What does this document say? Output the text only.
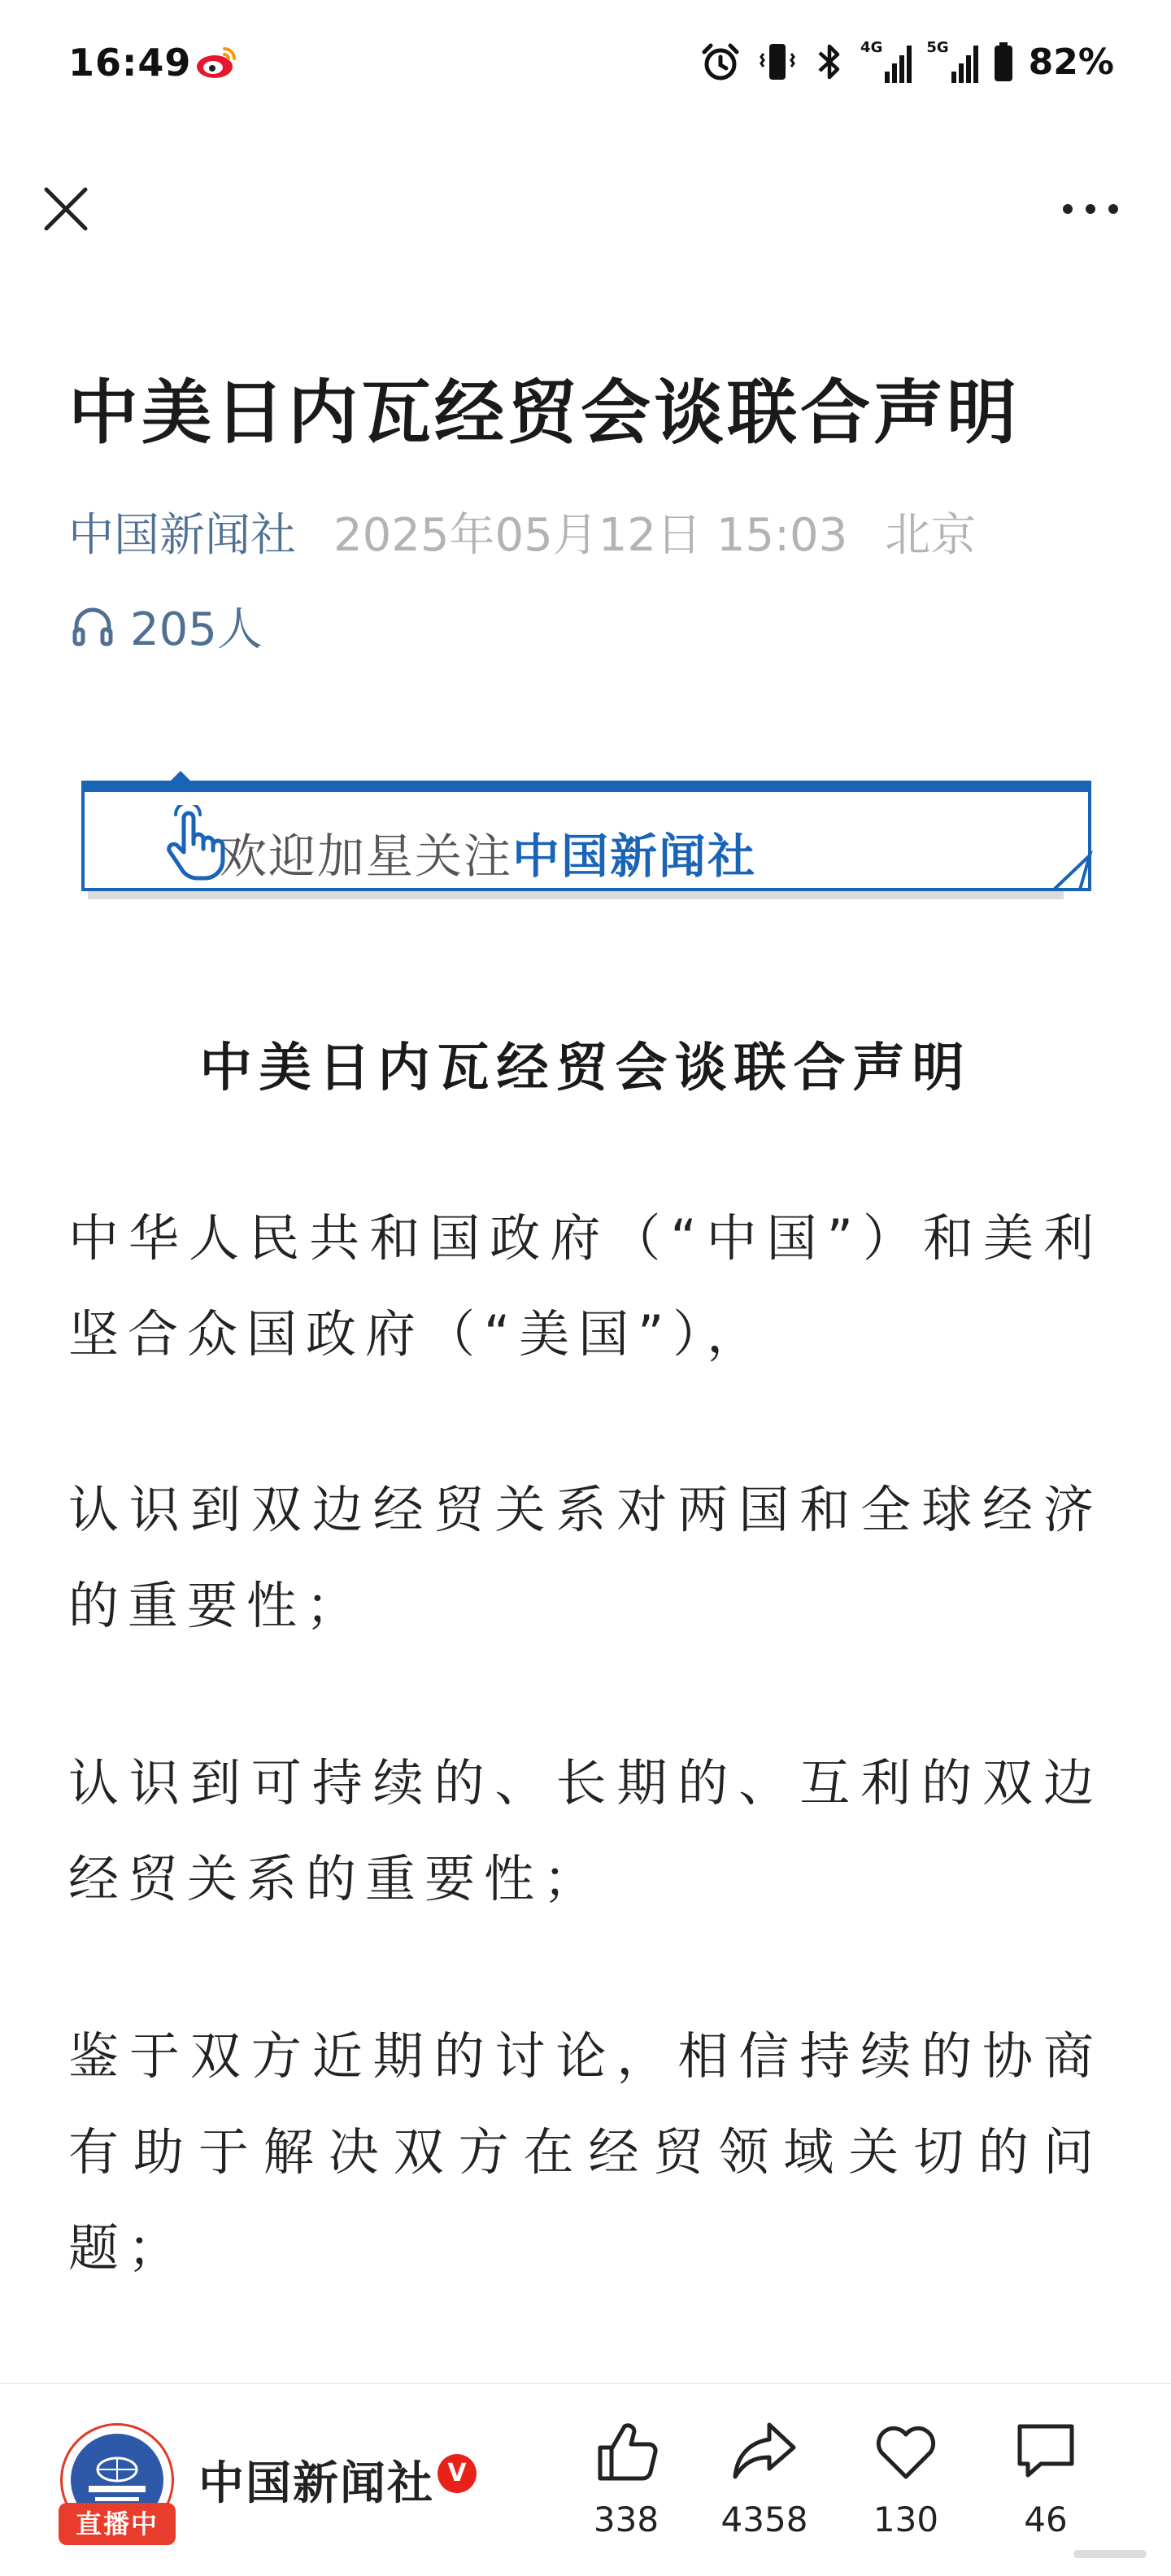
16:49	4G	5G 82%
中美日内瓦经贸会谈联合声明
中国新闻社 2025年05月12日 15:03 北京
205人
欢迎加星关注中国新闻社
中美日内瓦经贸会谈联合声明

中华人民共和国政府（“中国”）和美利坚合众国政府（“美国”），

认识到双边经贸关系对两国和全球经济的重要性；

认识到可持续的、长期的、互利的双边经贸关系的重要性；

鉴于双方近期的讨论，相信持续的协商有助于解决双方在经贸领域关切的问题；

直播中
中国新闻社 V
338 4358 130	46
